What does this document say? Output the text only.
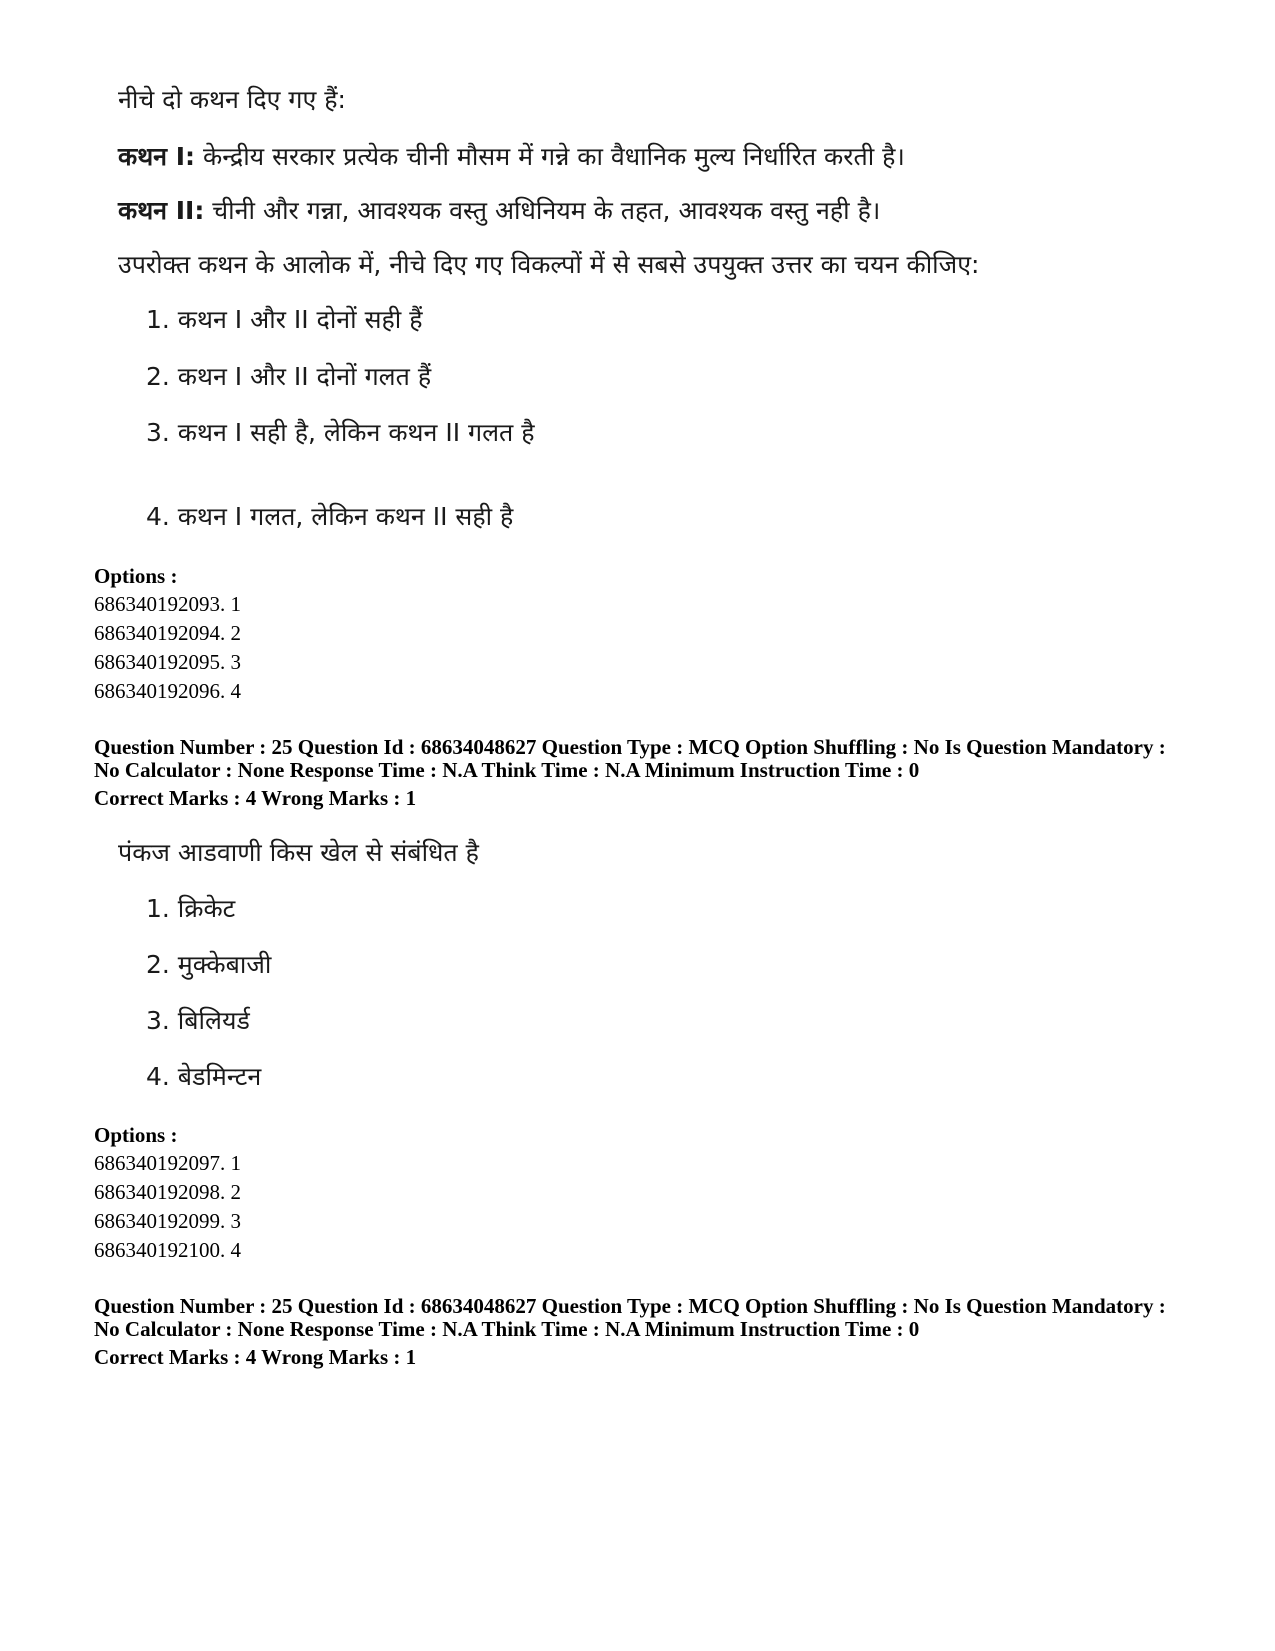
नीचे दो कथन दिए गए हैं:
कथन I: केन्द्रीय सरकार प्रत्येक चीनी मौसम में गन्ने का वैधानिक मुल्य निर्धारित करती है।
कथन II: चीनी और गन्ना, आवश्यक वस्तु अधिनियम के तहत, आवश्यक वस्तु नही है।
उपरोक्त कथन के आलोक में, नीचे दिए गए विकल्पों में से सबसे उपयुक्त उत्तर का चयन कीजिए:
1. कथन I और II दोनों सही हैं
2. कथन I और II दोनों गलत हैं
3. कथन I सही है, लेकिन कथन II गलत है
4. कथन I गलत, लेकिन कथन II सही है
Options :
686340192093. 1
686340192094. 2
686340192095. 3
686340192096. 4
Question Number : 25 Question Id : 68634048627 Question Type : MCQ Option Shuffling : No Is Question Mandatory :
No Calculator : None Response Time : N.A Think Time : N.A Minimum Instruction Time : 0
Correct Marks : 4 Wrong Marks : 1
पंकज आडवाणी किस खेल से संबंधित है
1. क्रिकेट
2. मुक्केबाजी
3. बिलियर्ड
4. बेडमिन्टन
Options :
686340192097. 1
686340192098. 2
686340192099. 3
686340192100. 4
Question Number : 25 Question Id : 68634048627 Question Type : MCQ Option Shuffling : No Is Question Mandatory :
No Calculator : None Response Time : N.A Think Time : N.A Minimum Instruction Time : 0
Correct Marks : 4 Wrong Marks : 1
